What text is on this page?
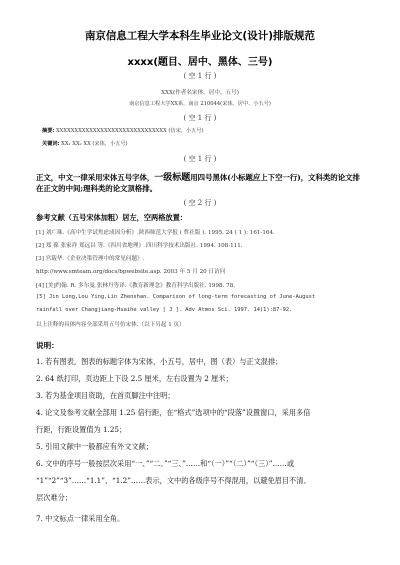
南京信息工程大学本科生毕业论文(设计)排版规范
xxxx(题目、居中、黑体、三号)
( 空 1 行 )
XXX(作者名宋体、居中、五号)
南京信息工程大学XX系，南京 210044(宋体、居中、小五号)
( 空 1 行 )
摘要: XXXXXXXXXXXXXXXXXXXXXXXXXXXXXX (仿宋，小五号)
关键词: XX₁ XX₂ XX (宋体，小五号)
( 空 1 行 )
正文，中文一律采用宋体五号字体，一级标题用四号黑体(小标题应上下空一行)，文科类的论文排
在正文的中间;理科类的论文顶格排。
( 空 2 行 )
参考文献（五号宋体加粗）居左，空两格放置：
[1] 刘广珠.《高中生学试焦虑成因分析》.陕西师范大学报 ( 哲社版 ). 1995. 24 ( 1 ): 161-164.
[2] 郑 葆 张家祥 郑远昌 等.《四川省地理》.四川科学技术出版社. 1994. 108-111.
[3] 宫载华.《企业决策管理中的常见问题》.
http://www.smteam.org/docs/bpwebsite.asp. 2003 年 5 月 20 日访问
[4] [美]约翰. R. 多尔曼.张林丹等译.《教育新理念》教育科学出版社. 1998. 78.
[5] Jin Long,Lou Ying,Lin Zhenshan. Comparison of long-term forecasting of June-August
rainfall over Changjiang-Huaihe valley [ J ]. Adv Atmos Sci. 1997. 14(1):87-92.
以上注释的具体内容全部采用五号仿宋体.（以下另起 1 页）
说明：
1. 若有图表，图表的标题字体为宋体，小五号，居中，图（表）与正文混排；
2. 64 纸打印，页边距上下设 2.5 厘米，左右设置为 2 厘米；
3. 若为基金项目资助，在首页脚注中注明；
4. 论文及参考文献全部用 1.25 倍行距，在“格式”选项中的“段落”设置窗口，采用多倍
行距，行距设置值为 1.25；
5. 引用文献中一般都应有外文文献；
6. 文中的序号一般按层次采用“一、”“二、”“三、”……和“（一）”“（二）”“（三）”……或
“1”“2”“3”……“1.1”、“1.2”……表示，文中的各级序号不得混用，以避免眉目不清、
层次难分；
7. 中文标点一律采用全角。
